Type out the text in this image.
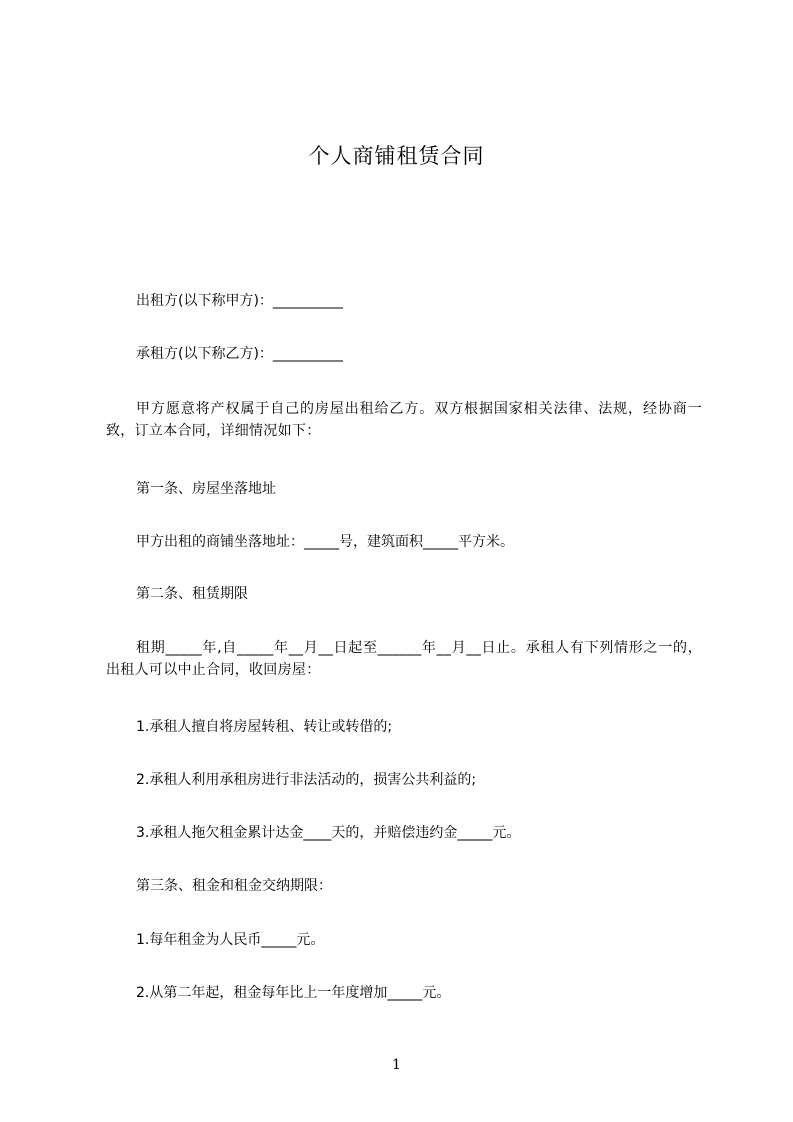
个人商铺租赁合同
出租方(以下称甲方)：__________
承租方(以下称乙方)：__________
甲方愿意将产权属于自己的房屋出租给乙方。双方根据国家相关法律、法规，经协商一致，订立本合同，详细情况如下：
第一条、房屋坐落地址
甲方出租的商铺坐落地址：_____号，建筑面积_____平方米。
第二条、租赁期限
租期_____年,自_____年__月__日起至______年__月__日止。承租人有下列情形之一的，出租人可以中止合同，收回房屋：
1.承租人擅自将房屋转租、转让或转借的;
2.承租人利用承租房进行非法活动的，损害公共利益的;
3.承租人拖欠租金累计达金____天的，并赔偿违约金_____元。
第三条、租金和租金交纳期限：
1.每年租金为人民币_____元。
2.从第二年起，租金每年比上一年度增加_____元。
1
